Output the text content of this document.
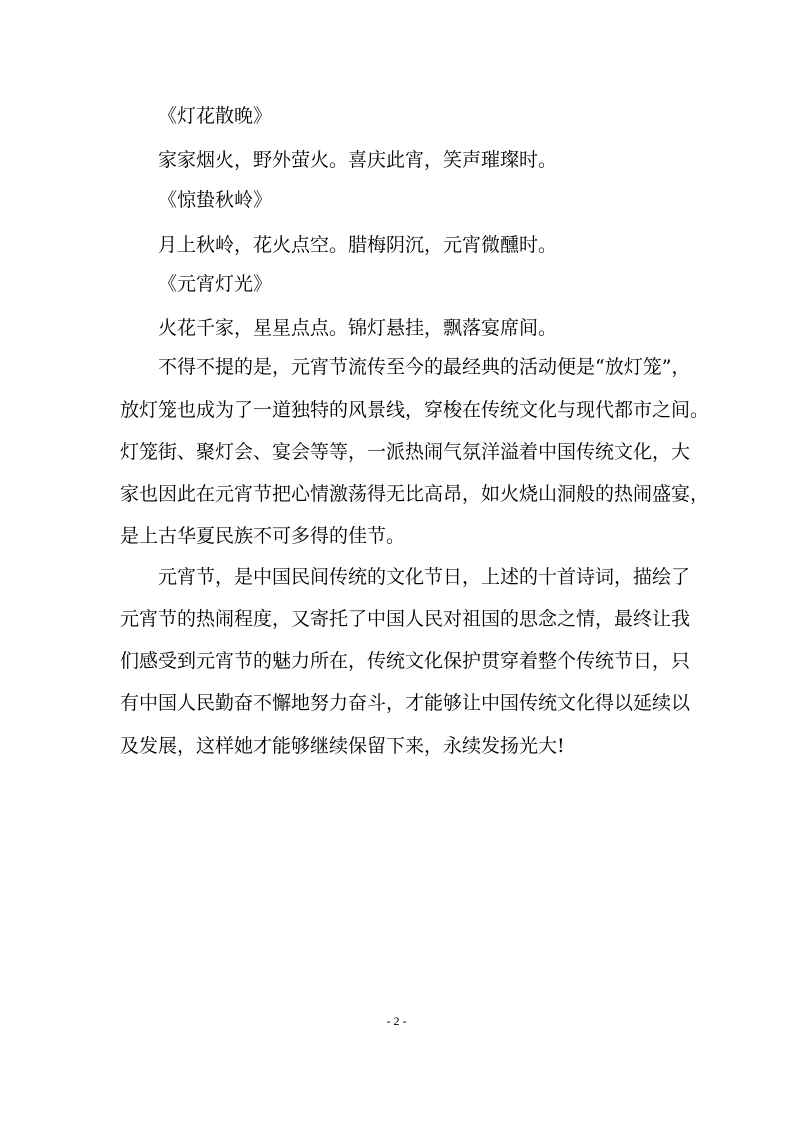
《灯花散晚》
家家烟火，野外萤火。喜庆此宵，笑声璀璨时。
《惊蛰秋岭》
月上秋岭，花火点空。腊梅阴沉，元宵微醺时。
《元宵灯光》
火花千家，星星点点。锦灯悬挂，飘落宴席间。
不得不提的是，元宵节流传至今的最经典的活动便是“放灯笼”，
放灯笼也成为了一道独特的风景线，穿梭在传统文化与现代都市之间。
灯笼街、聚灯会、宴会等等，一派热闹气氛洋溢着中国传统文化，大
家也因此在元宵节把心情激荡得无比高昂，如火烧山洞般的热闹盛宴，
是上古华夏民族不可多得的佳节。
元宵节，是中国民间传统的文化节日，上述的十首诗词，描绘了
元宵节的热闹程度，又寄托了中国人民对祖国的思念之情，最终让我
们感受到元宵节的魅力所在，传统文化保护贯穿着整个传统节日，只
有中国人民勤奋不懈地努力奋斗，才能够让中国传统文化得以延续以
及发展，这样她才能够继续保留下来，永续发扬光大!
- 2 -
